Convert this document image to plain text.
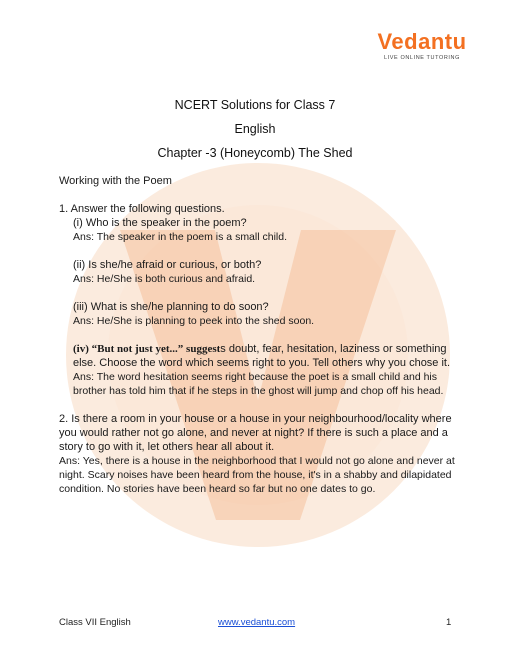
Vedantu
LIVE ONLINE TUTORING
NCERT Solutions for Class 7
English
Chapter -3 (Honeycomb) The Shed

Working with the Poem

1. Answer the following questions.

(i) Who is the speaker in the poem?

Ans: The speaker in the poem is a small child.

(ii) Is she/he afraid or curious, or both?

Ans: He/She is both curious and afraid.

(iii) What is she/he planning to do soon?

Ans: He/She is planning to peek into the shed soon.

(iv) “But not just yet...” suggests doubt, fear, hesitation, laziness or something else. Choose the word which seems right to you. Tell others why you chose it.

Ans: The word hesitation seems right because the poet is a small child and his brother has told him that if he steps in the ghost will jump and chop off his head.

2. Is there a room in your house or a house in your neighbourhood/locality where you would rather not go alone, and never at night? If there is such a place and a story to go with it, let others hear all about it.

Ans: Yes, there is a house in the neighborhood that I would not go alone and never at night. Scary noises have been heard from the house, it's in a shabby and dilapidated condition. No stories have been heard so far but no one dates to go.

Class VII English	www.vedantu.com	1
